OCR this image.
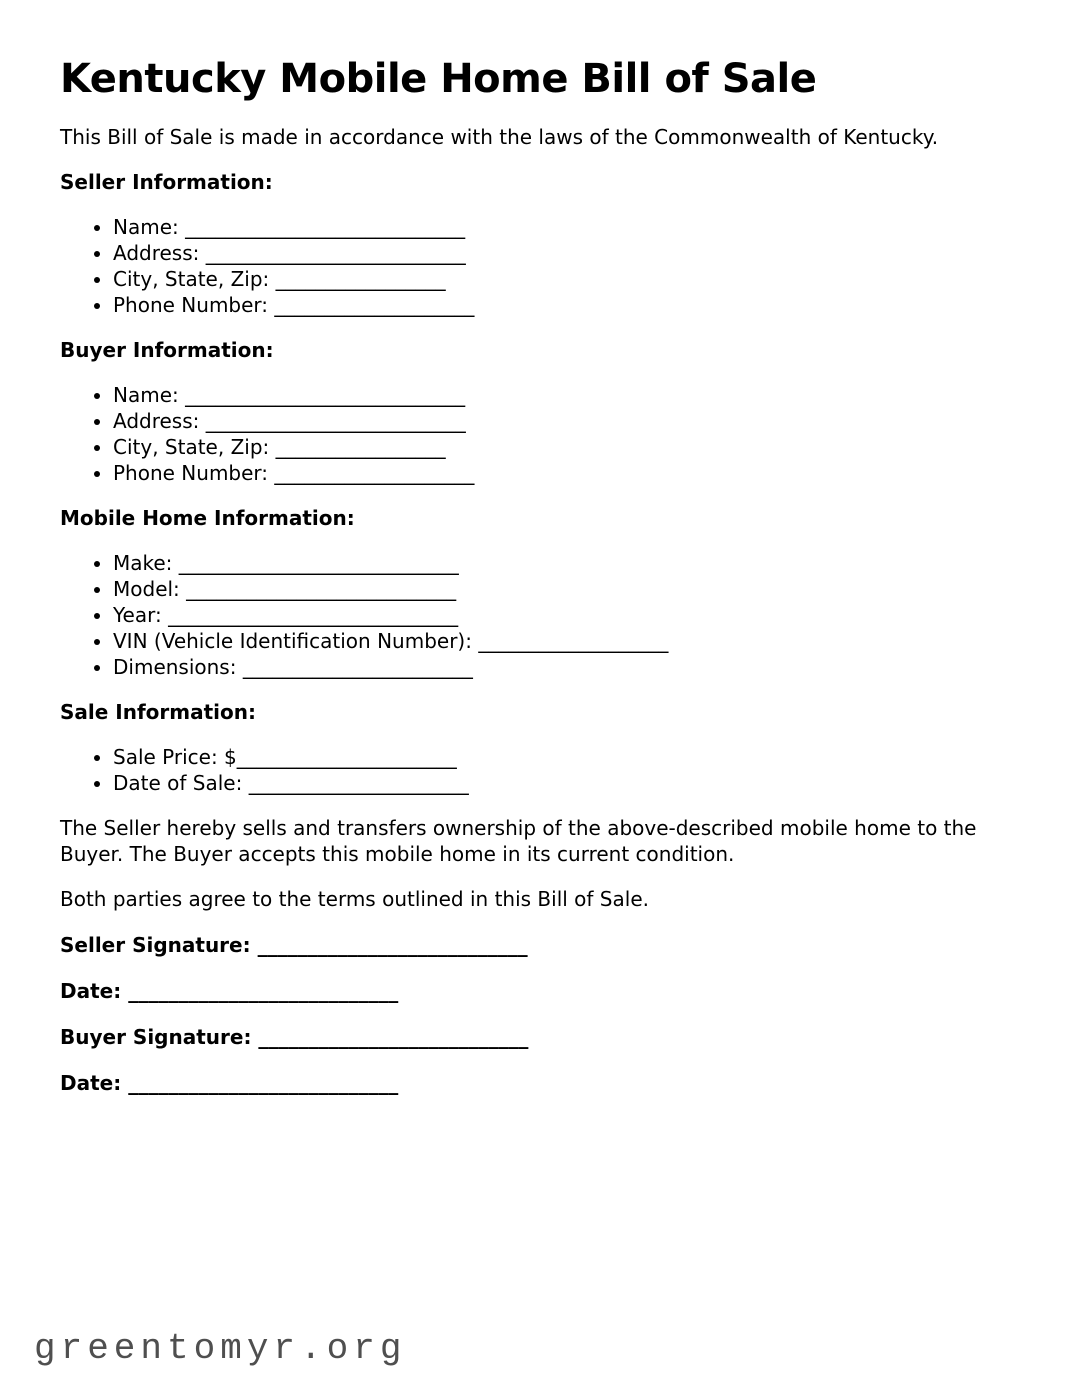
Kentucky Mobile Home Bill of Sale

This Bill of Sale is made in accordance with the laws of the Commonwealth of Kentucky.

Seller Information:
• Name: ____________________________
• Address: __________________________
• City, State, Zip: _________________
• Phone Number: ____________________
Buyer Information:
• Name: ____________________________
• Address: __________________________
• City, State, Zip: _________________
• Phone Number: ____________________
Mobile Home Information:
• Make: ____________________________
• Model: ___________________________
• Year: _____________________________
• VIN (Vehicle Identification Number): ___________________
• Dimensions: _______________________
Sale Information:
• Sale Price: $______________________
• Date of Sale: ______________________

The Seller hereby sells and transfers ownership of the above-described mobile home to the Buyer. The Buyer accepts this mobile home in its current condition.

Both parties agree to the terms outlined in this Bill of Sale.

Seller Signature: ___________________________

Date: ___________________________

Buyer Signature: ___________________________

Date: ___________________________

greentomyr.org
